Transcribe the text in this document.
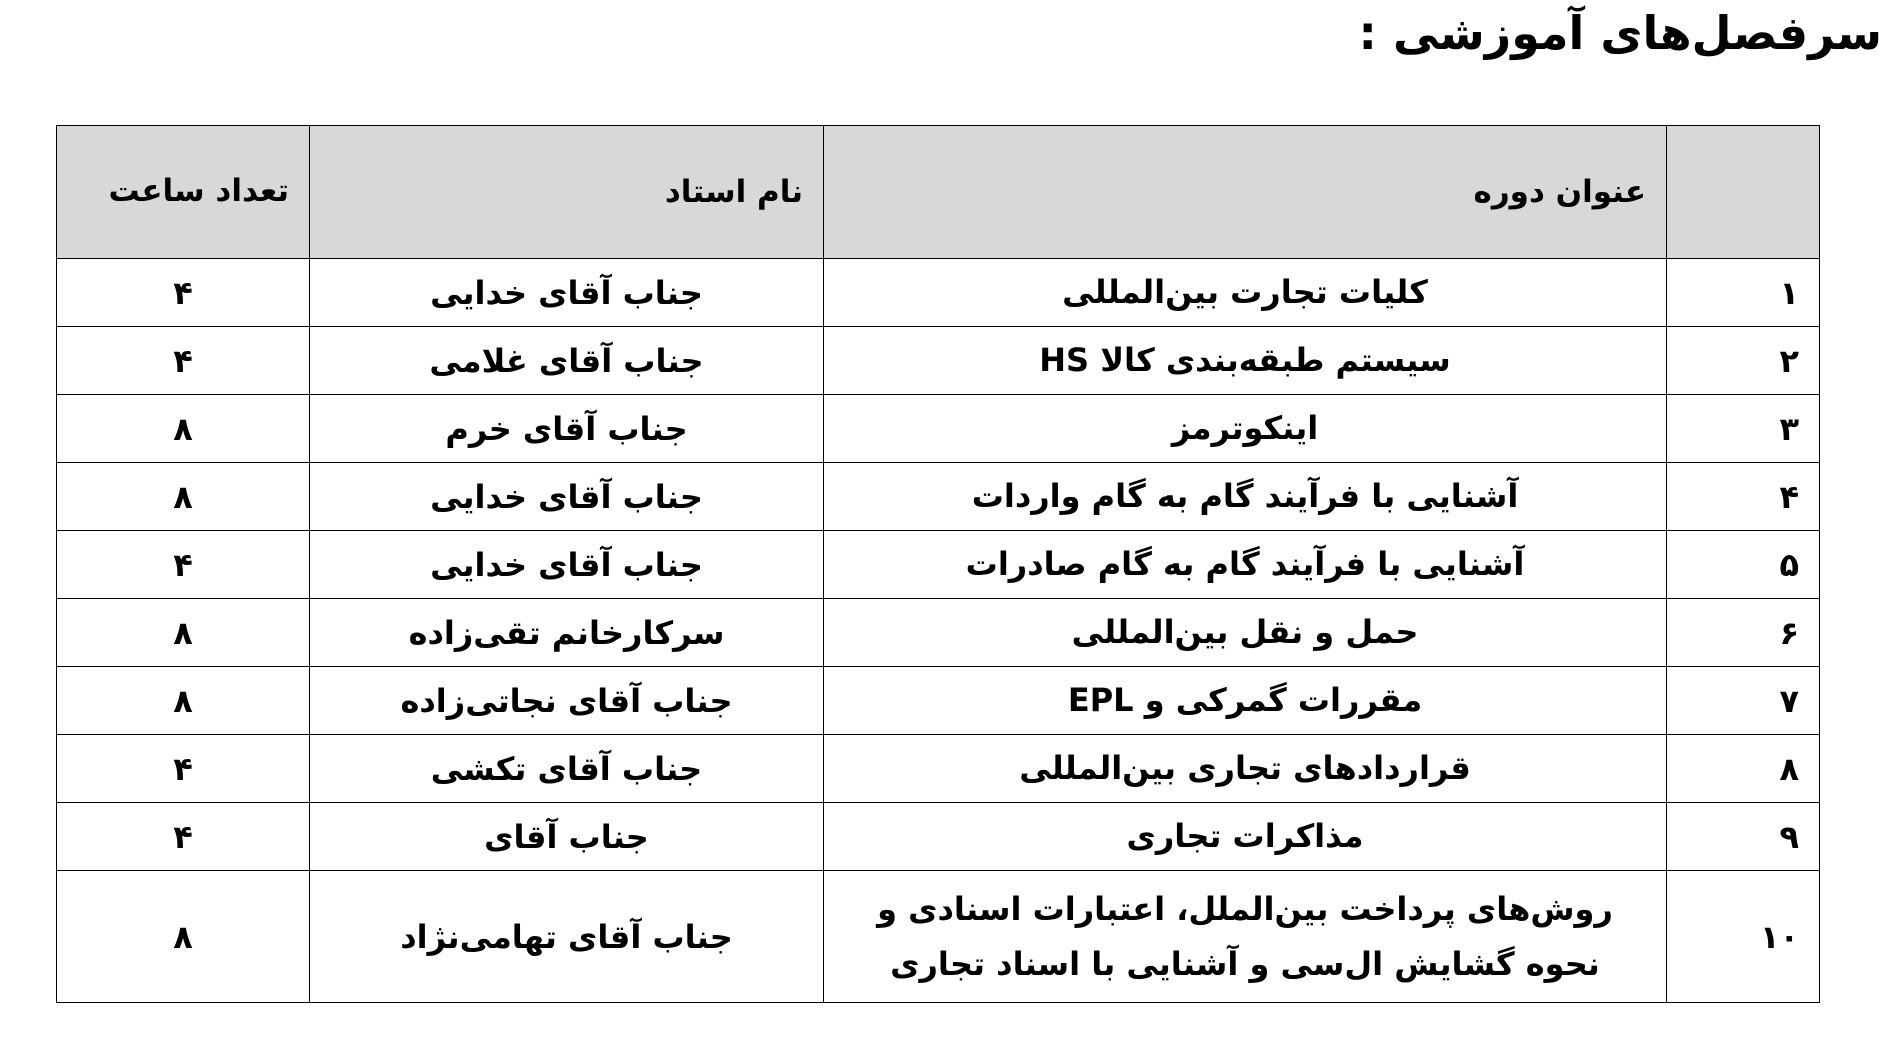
سرفصل‌های آموزشی :
	عنوان دوره	نام استاد	تعداد ساعت
۱	کلیات تجارت بین‌المللی	جناب آقای خدایی	۴
۲	سیستم طبقه‌بندی کالا HS	جناب آقای غلامی	۴
۳	اینکوترمز	جناب آقای خرم	۸
۴	آشنایی با فرآیند گام به گام واردات	جناب آقای خدایی	۸
۵	آشنایی با فرآیند گام به گام صادرات	جناب آقای خدایی	۴
۶	حمل و نقل بین‌المللی	سرکارخانم تقی‌زاده	۸
۷	مقررات گمرکی و EPL	جناب آقای نجاتی‌زاده	۸
۸	قراردادهای تجاری بین‌المللی	جناب آقای تکشی	۴
۹	مذاکرات تجاری	جناب آقای	۴
۱۰	روش‌های پرداخت بین‌الملل، اعتبارات اسنادی و نحوه گشایش ال‌سی و آشنایی با اسناد تجاری	جناب آقای تهامی‌نژاد	۸
